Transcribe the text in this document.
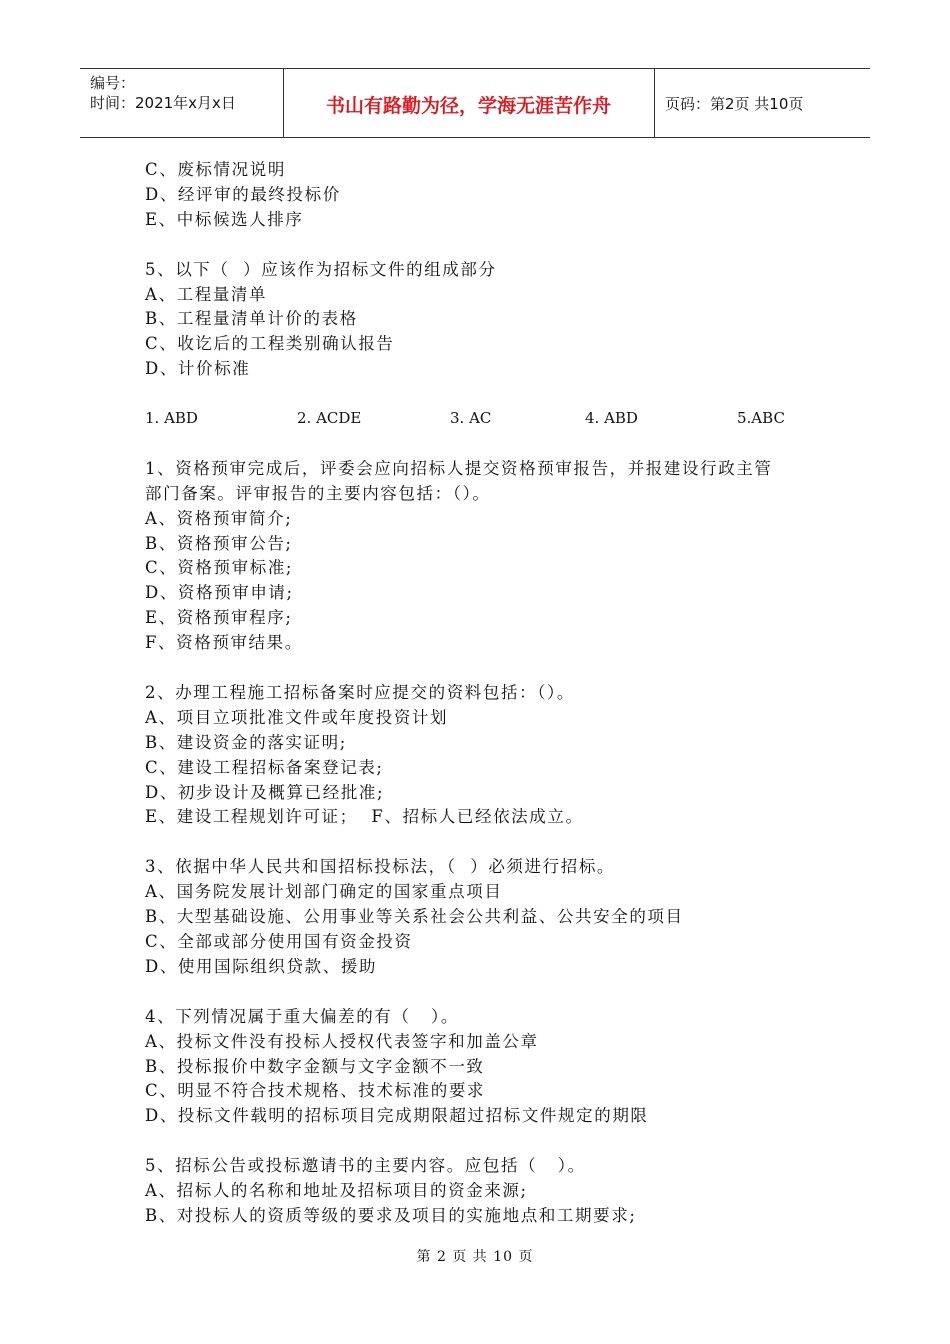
编号：
时间：2021年x月x日	书山有路勤为径，学海无涯苦作舟	页码：第2页 共10页
C、废标情况说明
D、经评审的最终投标价
E、中标候选人排序
5、以下（  ）应该作为招标文件的组成部分
A、工程量清单
B、工程量清单计价的表格
C、收讫后的工程类别确认报告
D、计价标准
1. ABD	2. ACDE	3. AC	4. ABD	5.ABC
1、资格预审完成后，评委会应向招标人提交资格预审报告，并报建设行政主管
部门备案。评审报告的主要内容包括：（）。
A、资格预审简介;
B、资格预审公告;
C、资格预审标准;
D、资格预审申请;
E、资格预审程序;
F、资格预审结果。
2、办理工程施工招标备案时应提交的资料包括：（）。
A、项目立项批准文件或年度投资计划
B、建设资金的落实证明;
C、建设工程招标备案登记表;
D、初步设计及概算已经批准;
E、建设工程规划许可证；  F、招标人已经依法成立。
3、依据中华人民共和国招标投标法，（  ）必须进行招标。
A、国务院发展计划部门确定的国家重点项目
B、大型基础设施、公用事业等关系社会公共利益、公共安全的项目
C、全部或部分使用国有资金投资
D、使用国际组织贷款、援助
4、下列情况属于重大偏差的有（   ）。
A、投标文件没有投标人授权代表签字和加盖公章
B、投标报价中数字金额与文字金额不一致
C、明显不符合技术规格、技术标准的要求
D、投标文件载明的招标项目完成期限超过招标文件规定的期限
5、招标公告或投标邀请书的主要内容。应包括（   ）。
A、招标人的名称和地址及招标项目的资金来源;
B、对投标人的资质等级的要求及项目的实施地点和工期要求;
第 2 页 共 10 页
